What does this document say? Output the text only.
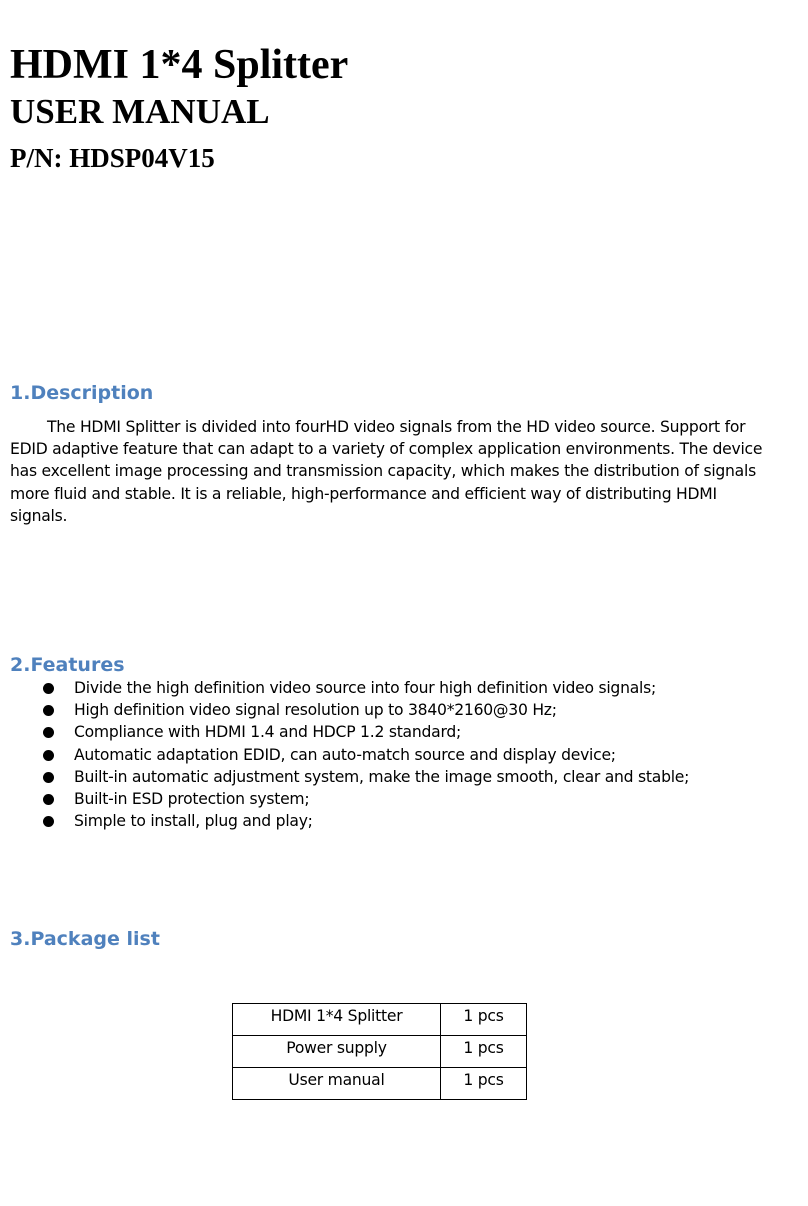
HDMI 1*4 Splitter
USER MANUAL
P/N: HDSP04V15
1.Description

The HDMI Splitter is divided into fourHD video signals from the HD video source. Support for
EDID adaptive feature that can adapt to a variety of complex application environments. The device
has excellent image processing and transmission capacity, which makes the distribution of signals
more fluid and stable. It is a reliable, high-performance and efficient way of distributing HDMI
signals.

2.Features
Divide the high definition video source into four high definition video signals;
High definition video signal resolution up to 3840*2160@30 Hz;
Compliance with HDMI 1.4 and HDCP 1.2 standard;
Automatic adaptation EDID, can auto-match source and display device;
Built-in automatic adjustment system, make the image smooth, clear and stable;
Built-in ESD protection system;
Simple to install, plug and play;
3.Package list
HDMI 1*4 Splitter	1 pcs
Power supply	1 pcs
User manual	1 pcs
